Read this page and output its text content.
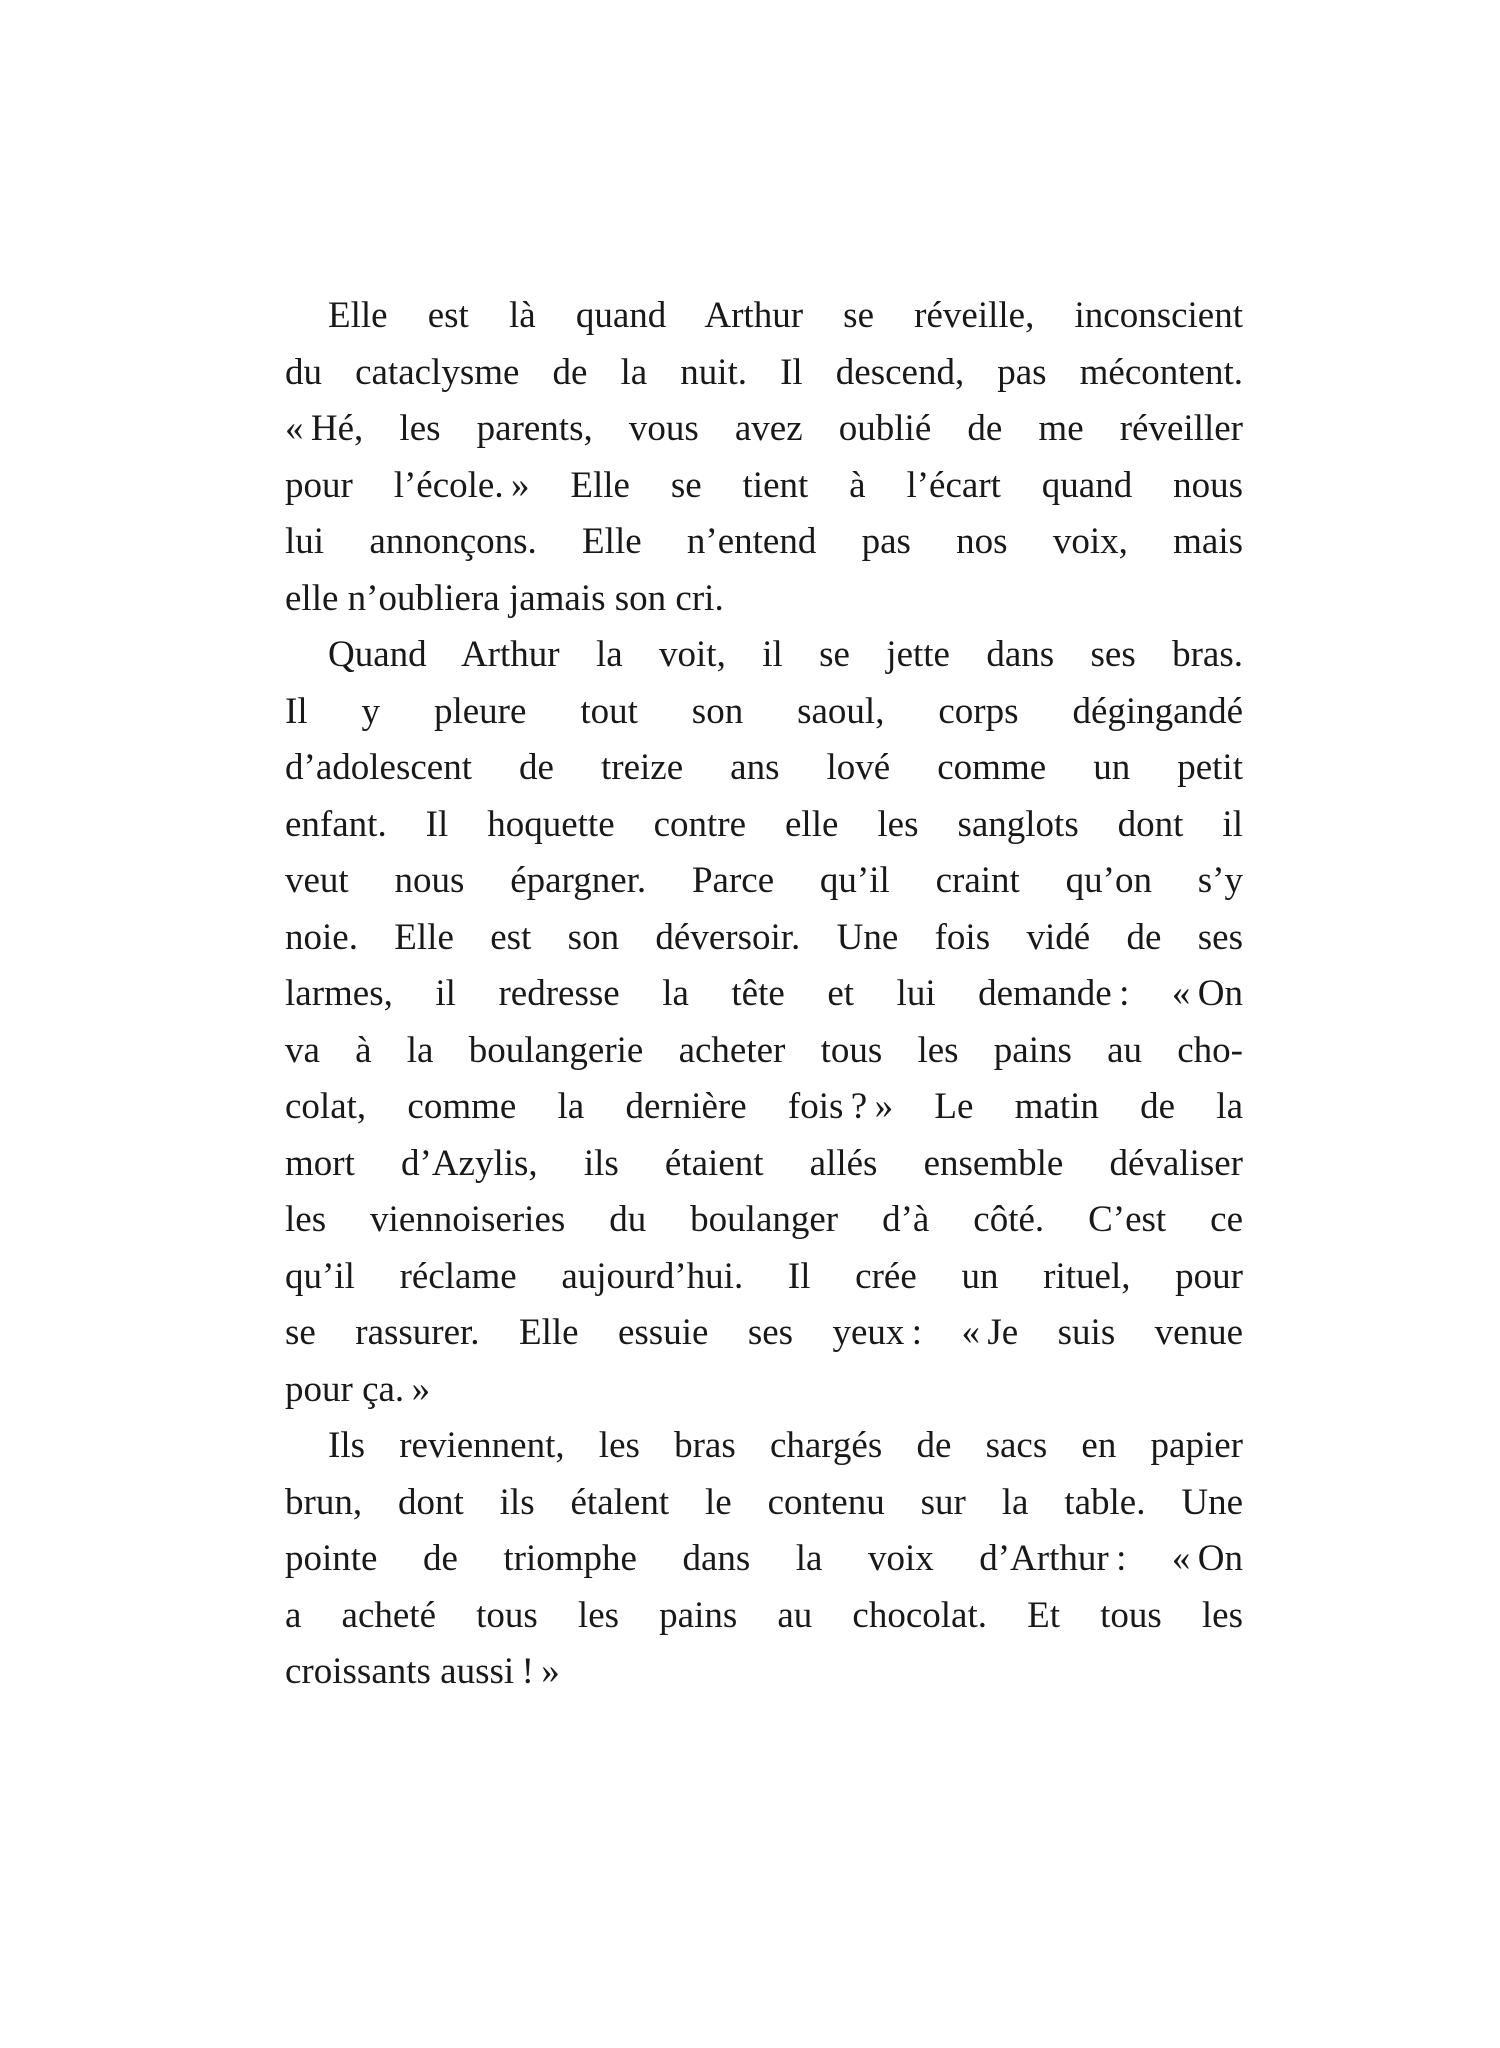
Elle est là quand Arthur se réveille, inconscient
du cataclysme de la nuit. Il descend, pas mécontent.
« Hé, les parents, vous avez oublié de me réveiller
pour l’école. » Elle se tient à l’écart quand nous
lui annonçons. Elle n’entend pas nos voix, mais
elle n’oubliera jamais son cri.

Quand Arthur la voit, il se jette dans ses bras.
Il y pleure tout son saoul, corps dégingandé
d’adolescent de treize ans lové comme un petit
enfant. Il hoquette contre elle les sanglots dont il
veut nous épargner. Parce qu’il craint qu’on s’y
noie. Elle est son déversoir. Une fois vidé de ses
larmes, il redresse la tête et lui demande : « On
va à la boulangerie acheter tous les pains au cho-
colat, comme la dernière fois ? » Le matin de la
mort d’Azylis, ils étaient allés ensemble dévaliser
les viennoiseries du boulanger d’à côté. C’est ce
qu’il réclame aujourd’hui. Il crée un rituel, pour
se rassurer. Elle essuie ses yeux : « Je suis venue
pour ça. »

Ils reviennent, les bras chargés de sacs en papier
brun, dont ils étalent le contenu sur la table. Une
pointe de triomphe dans la voix d’Arthur : « On
a acheté tous les pains au chocolat. Et tous les
croissants aussi ! »
